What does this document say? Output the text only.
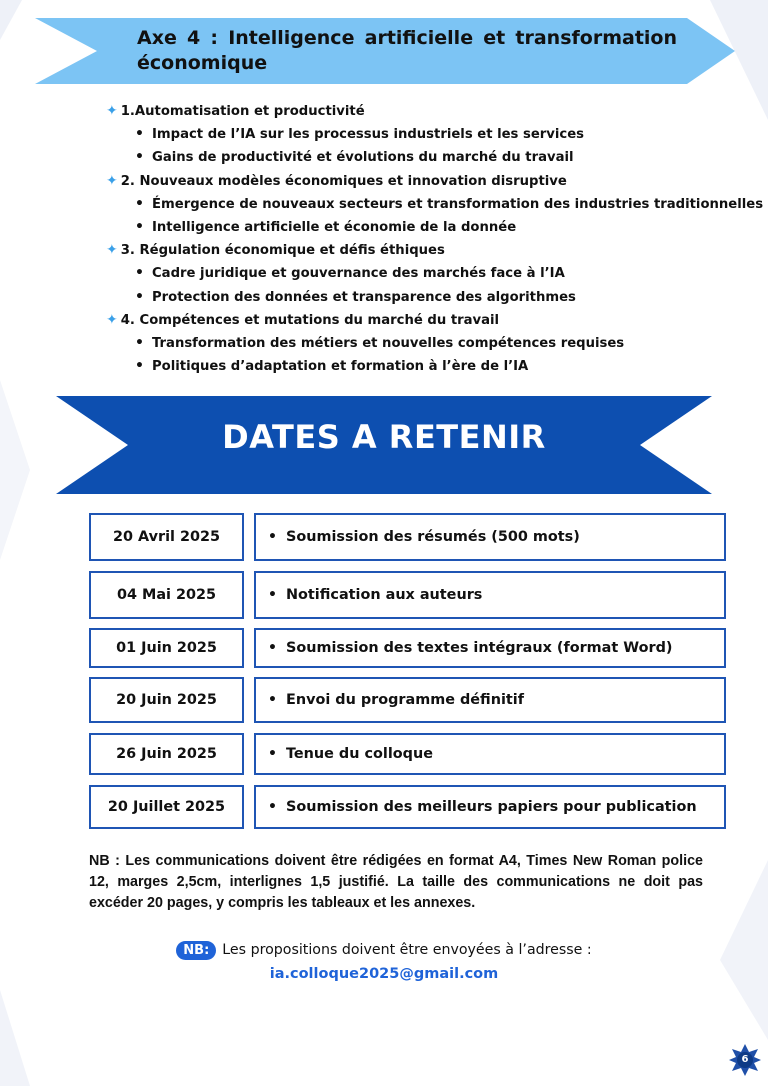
Axe 4 : Intelligence artificielle et transformation économique
✦ 1.Automatisation et productivité
• Impact de l’IA sur les processus industriels et les services
• Gains de productivité et évolutions du marché du travail
✦ 2. Nouveaux modèles économiques et innovation disruptive
• Émergence de nouveaux secteurs et transformation des industries traditionnelles
• Intelligence artificielle et économie de la donnée
✦ 3. Régulation économique et défis éthiques
• Cadre juridique et gouvernance des marchés face à l’IA
• Protection des données et transparence des algorithmes
✦ 4. Compétences et mutations du marché du travail
• Transformation des métiers et nouvelles compétences requises
• Politiques d’adaptation et formation à l’ère de l’IA
DATES A RETENIR
20 Avril 2025	• Soumission des résumés (500 mots)
04 Mai 2025	• Notification aux auteurs
01 Juin 2025	• Soumission des textes intégraux (format Word)
20 Juin 2025	• Envoi du programme définitif
26 Juin 2025	• Tenue du colloque
20 Juillet 2025	• Soumission des meilleurs papiers pour publication
NB : Les communications doivent être rédigées en format A4, Times New Roman police 12, marges 2,5cm, interlignes 1,5 justifié. La taille des communications ne doit pas excéder 20 pages, y compris les tableaux et les annexes.
NB: Les propositions doivent être envoyées à l’adresse :
ia.colloque2025@gmail.com
6
